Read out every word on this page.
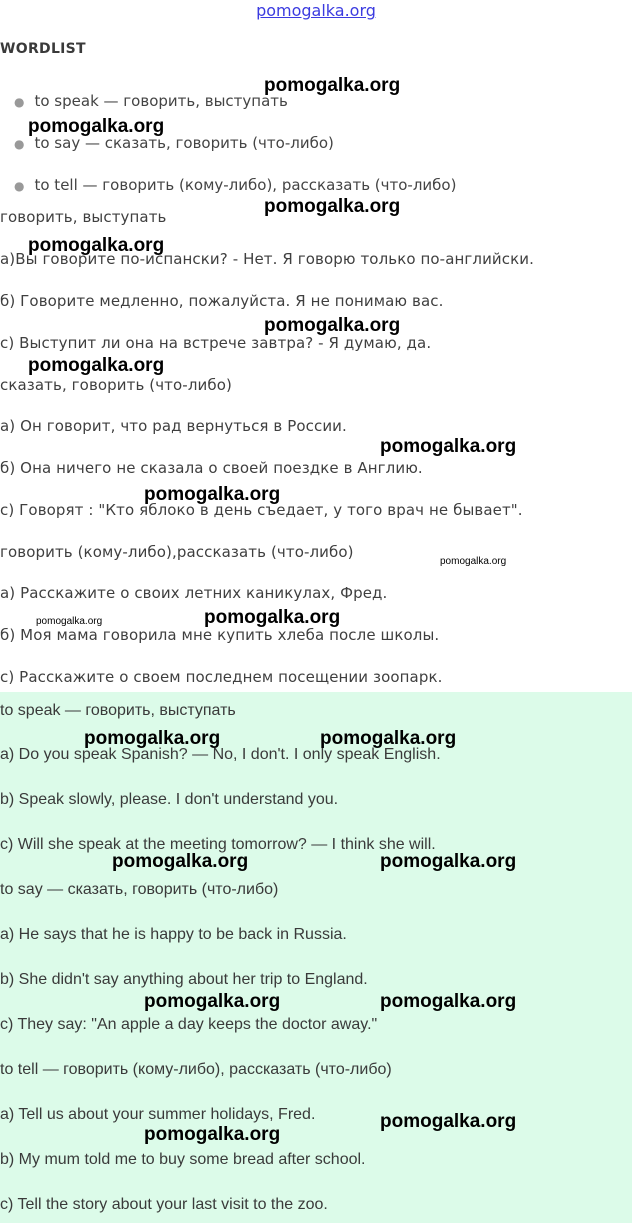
pomogalka.org
WORDLIST
● to speak — говорить, выступать
● to say — сказать, говорить (что-либо)
● to tell — говорить (кому-либо), рассказать (что-либо)
говорить, выступать
а)Вы говорите по-испански? - Нет. Я говорю только по-английски.
б) Говорите медленно, пожалуйста. Я не понимаю вас.
с) Выступит ли она на встрече завтра? - Я думаю, да.
сказать, говорить (что-либо)
а) Он говорит, что рад вернуться в России.
б) Она ничего не сказала о своей поездке в Англию.
с) Говорят : "Кто яблоко в день съедает, у того врач не бывает".
говорить (кому-либо),рассказать (что-либо)
а) Расскажите о своих летних каникулах, Фред.
б) Моя мама говорила мне купить хлеба после школы.
с) Расскажите о своем последнем посещении зоопарк.
to speak — говорить, выступать
a) Do you speak Spanish? — No, I don't. I only speak English.
b) Speak slowly, please. I don't understand you.
c) Will she speak at the meeting tomorrow? — I think she will.
to say — сказать, говорить (что-либо)
a) He says that he is happy to be back in Russia.
b) She didn't say anything about her trip to England.
c) They say: "An apple a day keeps the doctor away."
to tell — говорить (кому-либо), рассказать (что-либо)
a) Tell us about your summer holidays, Fred.
b) My mum told me to buy some bread after school.
c) Tell the story about your last visit to the zoo.
pomogalka.org
pomogalka.org
pomogalka.org
pomogalka.org
pomogalka.org
pomogalka.org
pomogalka.org
pomogalka.org
pomogalka.org
pomogalka.org	pomogalka.org
pomogalka.org	pomogalka.org
pomogalka.org	pomogalka.org
pomogalka.org	pomogalka.org
pomogalka.org
pomogalka.org
